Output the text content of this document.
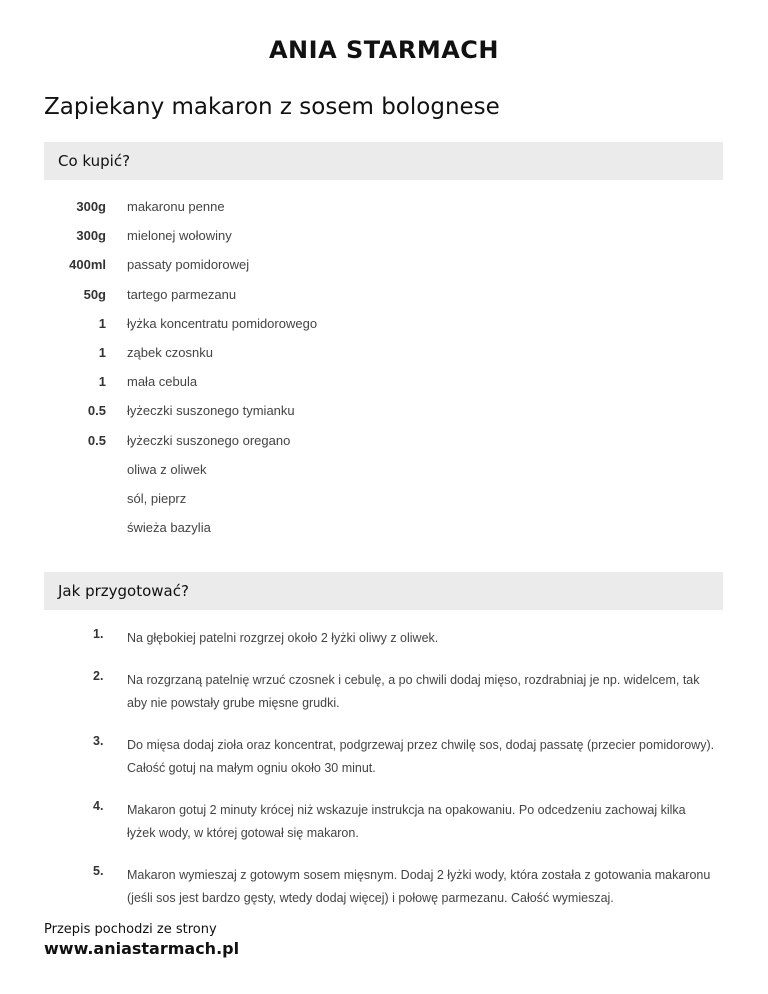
ANIA STARMACH
Zapiekany makaron z sosem bolognese
Co kupić?
300g makaronu penne
300g mielonej wołowiny
400ml passaty pomidorowej
50g tartego parmezanu
1 łyżka koncentratu pomidorowego
1 ząbek czosnku
1 mała cebula
0.5 łyżeczki suszonego tymianku
0.5 łyżeczki suszonego oregano
oliwa z oliwek
sól, pieprz
świeża bazylia
Jak przygotować?
1. Na głębokiej patelni rozgrzej około 2 łyżki oliwy z oliwek.
2. Na rozgrzaną patelnię wrzuć czosnek i cebulę, a po chwili dodaj mięso, rozdrabniaj je np. widelcem, tak aby nie powstały grube mięsne grudki.
3. Do mięsa dodaj zioła oraz koncentrat, podgrzewaj przez chwilę sos, dodaj passatę (przecier pomidorowy). Całość gotuj na małym ogniu około 30 minut.
4. Makaron gotuj 2 minuty krócej niż wskazuje instrukcja na opakowaniu. Po odcedzeniu zachowaj kilka łyżek wody, w której gotował się makaron.
5. Makaron wymieszaj z gotowym sosem mięsnym. Dodaj 2 łyżki wody, która została z gotowania makaronu (jeśli sos jest bardzo gęsty, wtedy dodaj więcej) i połowę parmezanu. Całość wymieszaj.
Przepis pochodzi ze strony
www.aniastarmach.pl
